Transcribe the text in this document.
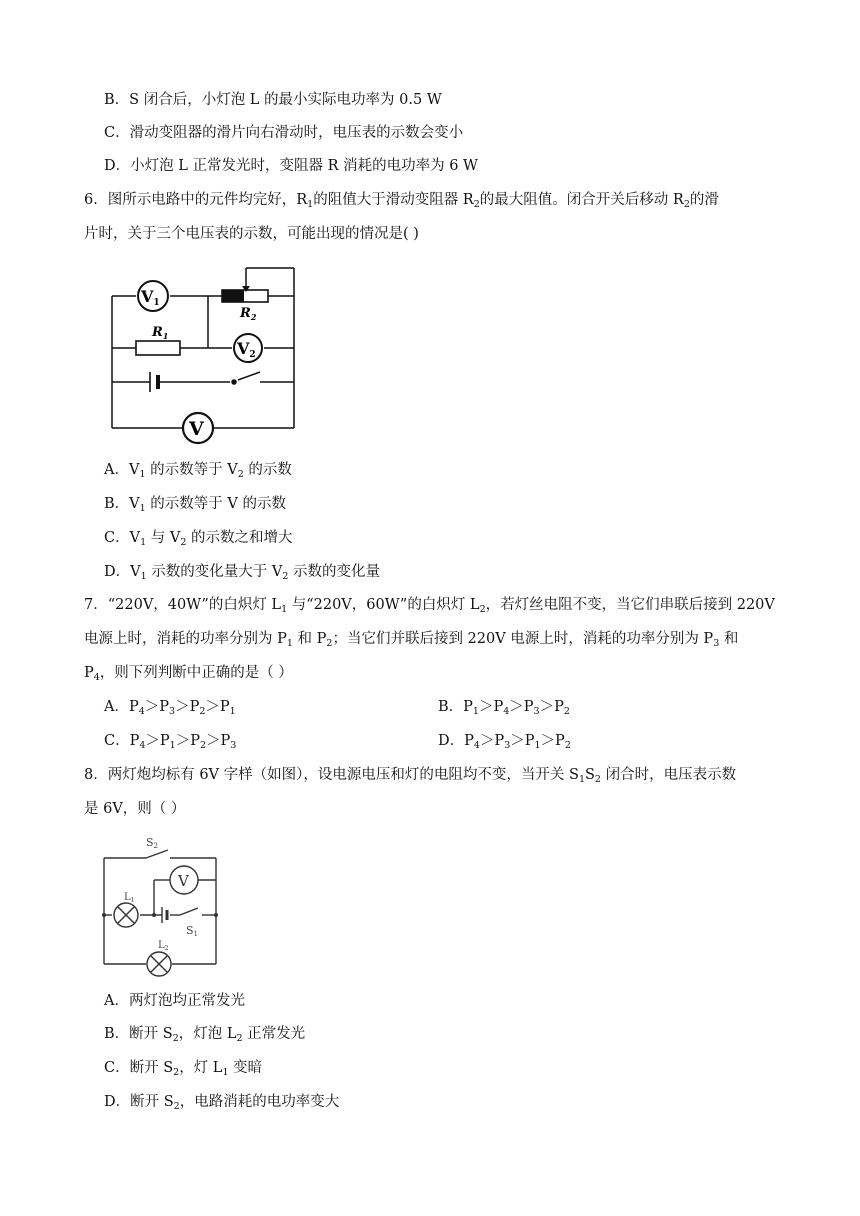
B．S 闭合后，小灯泡 L 的最小实际电功率为 0.5 W
C．滑动变阻器的滑片向右滑动时，电压表的示数会变小
D．小灯泡 L 正常发光时，变阻器 R 消耗的电功率为 6 W
6．图所示电路中的元件均完好，$R_1$的阻值大于滑动变阻器 $R_2$的最大阻值。闭合开关后移动 $R_2$的滑
片时，关于三个电压表的示数，可能出现的情况是( )
V1
V2
V
$R_1$
$R_2$
A．$V_1$ 的示数等于 $V_2$ 的示数
B．$V_1$ 的示数等于 V 的示数
C．$V_1$ 与 $V_2$ 的示数之和增大
D．$V_1$ 示数的变化量大于 $V_2$ 示数的变化量
7．“220V，40W”的白炽灯 $L_1$ 与“220V，60W”的白炽灯 $L_2$，若灯丝电阻不变，当它们串联后接到 220V
电源上时，消耗的功率分别为 $P_1$ 和 $P_2$；当它们并联后接到 220V 电源上时，消耗的功率分别为 $P_3$ 和
$P_4$，则下列判断中正确的是（ ）
A．$P_4>P_3>P_2>P_1$	B．$P_1>P_4>P_3>P_2$
C．$P_4>P_1>P_2>P_3$	D．$P_4>P_3>P_1>P_2$
8．两灯炮均标有 6V 字样（如图），设电源电压和灯的电阻均不变，当开关 $S_1S_2$ 闭合时，电压表示数
是 6V，则（ ）
V
S2
S1
$L_1$
$L_2$
A．两灯泡均正常发光
B．断开 $S_2$，灯泡 $L_2$ 正常发光
C．断开 $S_2$，灯 $L_1$ 变暗
D．断开 $S_2$，电路消耗的电功率变大
